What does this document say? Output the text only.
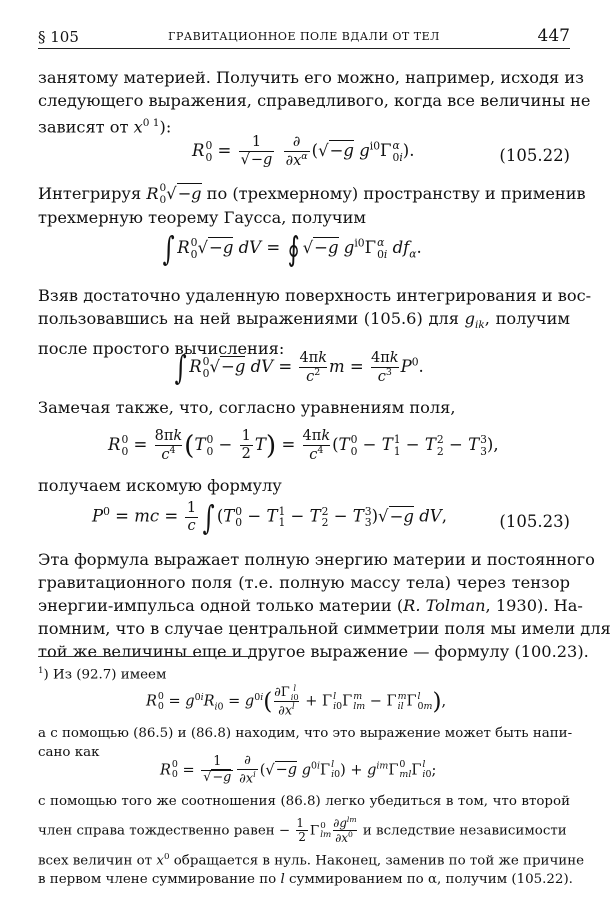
§ 105	ГРАВИТАЦИОННОЕ ПОЛЕ ВДАЛИ ОТ ТЕЛ	447
занятому материей. Получить его можно, например, исходя из
следующего выражения, справедливого, когда все величины не
зависят от $x^0$ $^1$):
R 0
$0 = \frac{1}{√-g}$
$\frac{\partial}{\partial x^\alpha} (√-g$ $g^{i0}\Gamma$ α
0i ).	(105.22)
Интегрируя R 0
0 √−g по (трехмерному) пространству и применив
трехмерную теорему Гаусса, получим
∫ R 0
0 √−g dV = ∮ √−g $g^{i0}\Gamma$ α
0i $df_\alpha$.
Взяв достаточно удаленную поверхность интегрирования и вос-
пользовавшись на ней выражениями (105.6) для $g_{ik}$, получим
после простого вычисления:
∫ R 0
0 √−g dV = $\frac{4\pi k}{c^2}$ $m = \frac{4\pi k}{c^3} P^0$.
Замечая также, что, согласно уравнениям поля,
R 0
$0 = \frac{8\pi k}{c^4} (T$ 0
$0 - \frac{1}{2} T) = \frac{4\pi k}{c^4} (T$ 0
0 − T 1
1 − T 2
2 − T 3
3 ),
получаем искомую формулу
$P^0$ = mc = $\frac{1}{c}$ ∫ (T 0
0 − T 1
1 − T 2
2 − T 3
3 )√−g dV,	(105.23)
Эта формула выражает полную энергию материи и постоянного
гравитационного поля (т.е. полную массу тела) через тензор
энергии-импульса одной только материи (R. Tolman, 1930). На-
помним, что в случае центральной симметрии поля мы имели для
той же величины еще и другое выражение — формулу (100.23).
$^1$) Из (92.7) имеем
R 0
$0 = g^{0i}R_{i0} = g^{0i}$( ∂Γ l
i0
$\partial x^l + \Gamma$ l
i0 Γ m
lm − Γ m
il Γ l
0m ),
а с помощью (86.5) и (86.8) находим, что это выражение может быть напи-
сано как
R 0
$0 = \frac{1}{√-g} \frac{\partial}{\partial x^i} (√-g$ $g^{0i}\Gamma$ l
i0 ) + $g^{im}\Gamma$ 0
ml Γ l
i0 ;
с помощью того же соотношения (86.8) легко убедиться в том, что второй
член справа тождественно равен − $\frac{1}{2}$ Γ 0
lm $\frac{\partial g^{lm}}{\partial x^0}$ и вследствие независимости
всех величин от $x^0$ обращается в нуль. Наконец, заменив по той же причине
в первом члене суммирование по l суммированием по α, получим (105.22).
